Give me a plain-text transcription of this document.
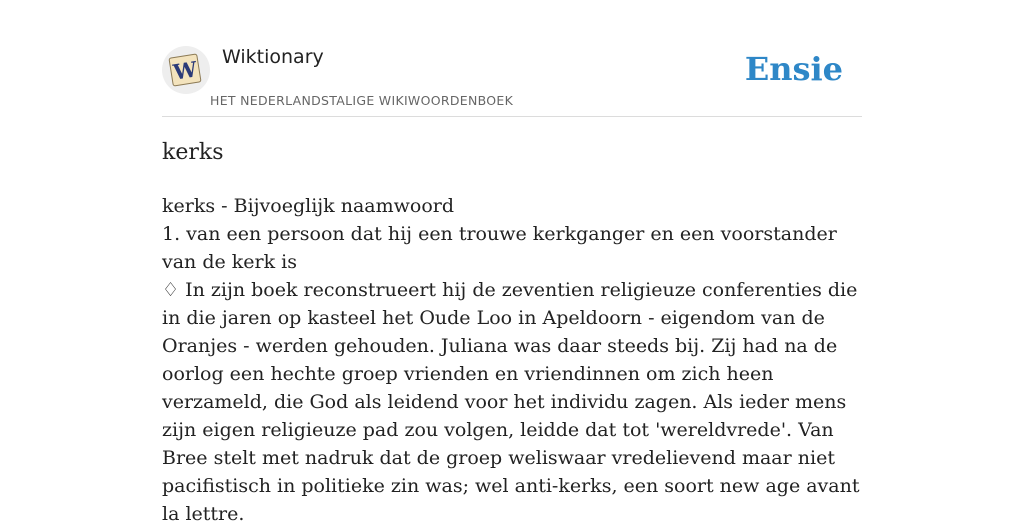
W Wiktionary
HET NEDERLANDSTALIGE WIKIWOORDENBOEK
Ensie
kerks
kerks - Bijvoeglijk naamwoord
1. van een persoon dat hij een trouwe kerkganger en een voorstander van de kerk is
♢ In zijn boek reconstrueert hij de zeventien religieuze conferenties die in die jaren op kasteel het Oude Loo in Apeldoorn - eigendom van de Oranjes - werden gehouden. Juliana was daar steeds bij. Zij had na de oorlog een hechte groep vrienden en vriendinnen om zich heen verzameld, die God als leidend voor het individu zagen. Als ieder mens zijn eigen religieuze pad zou volgen, leidde dat tot 'wereldvrede'. Van Bree stelt met nadruk dat de groep weliswaar vredelievend maar niet pacifistisch in politieke zin was; wel anti-kerks, een soort new age avant la lettre.
